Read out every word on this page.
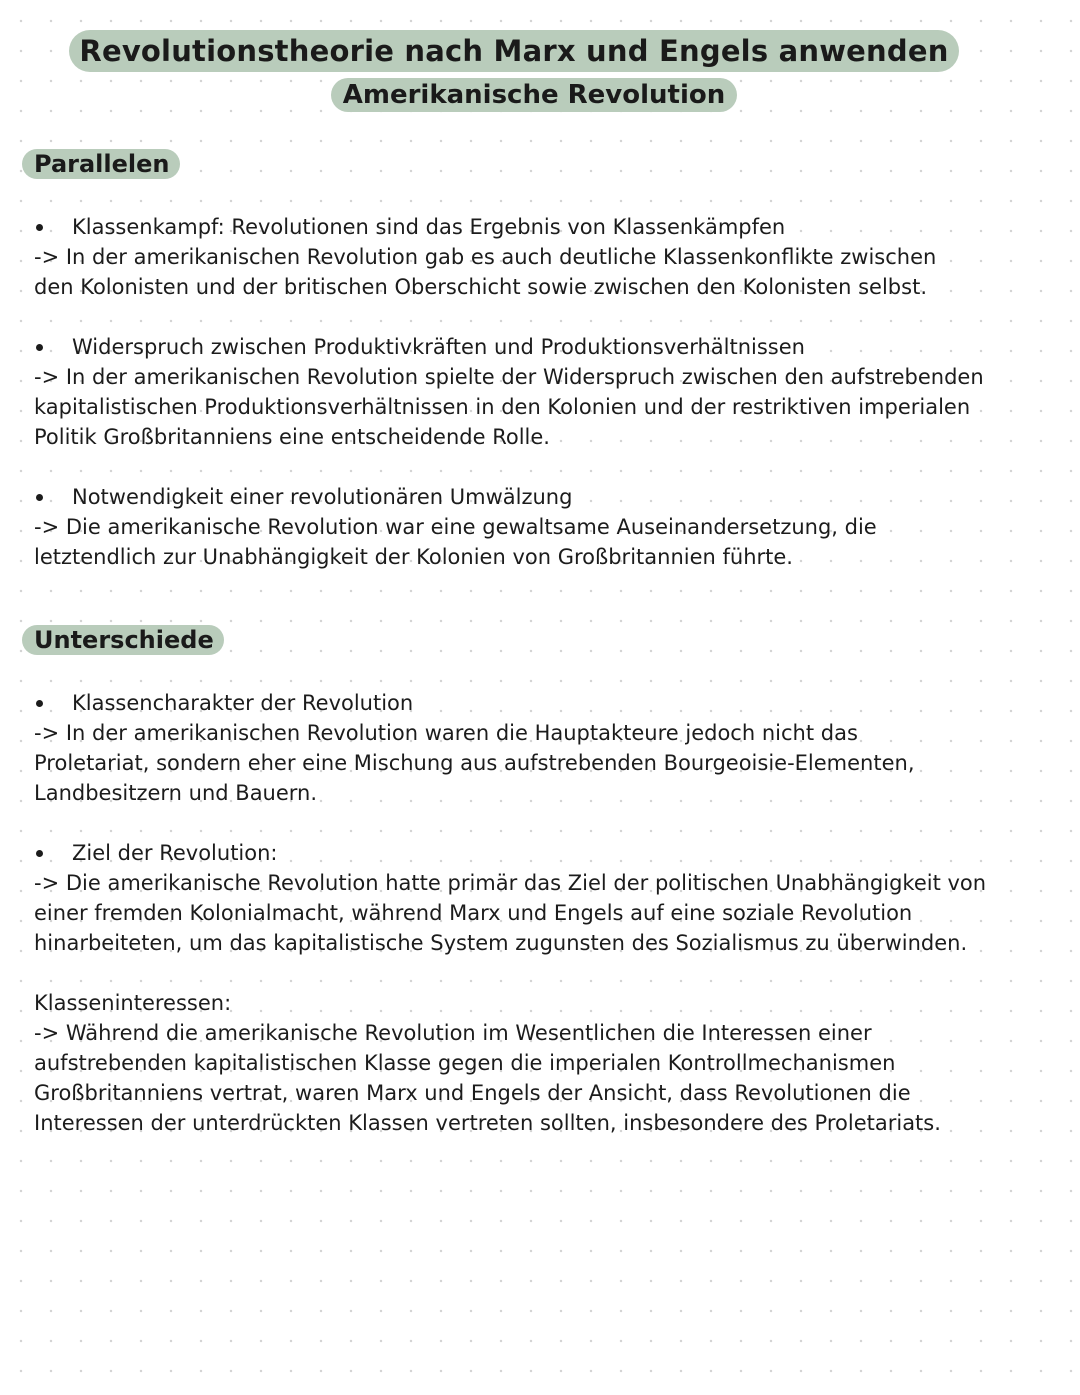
Revolutionstheorie nach Marx und Engels anwenden
Amerikanische Revolution
Parallelen

Klassenkampf: Revolutionen sind das Ergebnis von Klassenkämpfen

-> In der amerikanischen Revolution gab es auch deutliche Klassenkonflikte zwischen

den Kolonisten und der britischen Oberschicht sowie zwischen den Kolonisten selbst.

Widerspruch zwischen Produktivkräften und Produktionsverhältnissen

-> In der amerikanischen Revolution spielte der Widerspruch zwischen den aufstrebenden

kapitalistischen Produktionsverhältnissen in den Kolonien und der restriktiven imperialen

Politik Großbritanniens eine entscheidende Rolle.

Notwendigkeit einer revolutionären Umwälzung

-> Die amerikanische Revolution war eine gewaltsame Auseinandersetzung, die

letztendlich zur Unabhängigkeit der Kolonien von Großbritannien führte.

Unterschiede

Klassencharakter der Revolution

-> In der amerikanischen Revolution waren die Hauptakteure jedoch nicht das

Proletariat, sondern eher eine Mischung aus aufstrebenden Bourgeoisie-Elementen,

Landbesitzern und Bauern.

Ziel der Revolution:

-> Die amerikanische Revolution hatte primär das Ziel der politischen Unabhängigkeit von

einer fremden Kolonialmacht, während Marx und Engels auf eine soziale Revolution

hinarbeiteten, um das kapitalistische System zugunsten des Sozialismus zu überwinden.

Klasseninteressen:

-> Während die amerikanische Revolution im Wesentlichen die Interessen einer

aufstrebenden kapitalistischen Klasse gegen die imperialen Kontrollmechanismen

Großbritanniens vertrat, waren Marx und Engels der Ansicht, dass Revolutionen die

Interessen der unterdrückten Klassen vertreten sollten, insbesondere des Proletariats.
